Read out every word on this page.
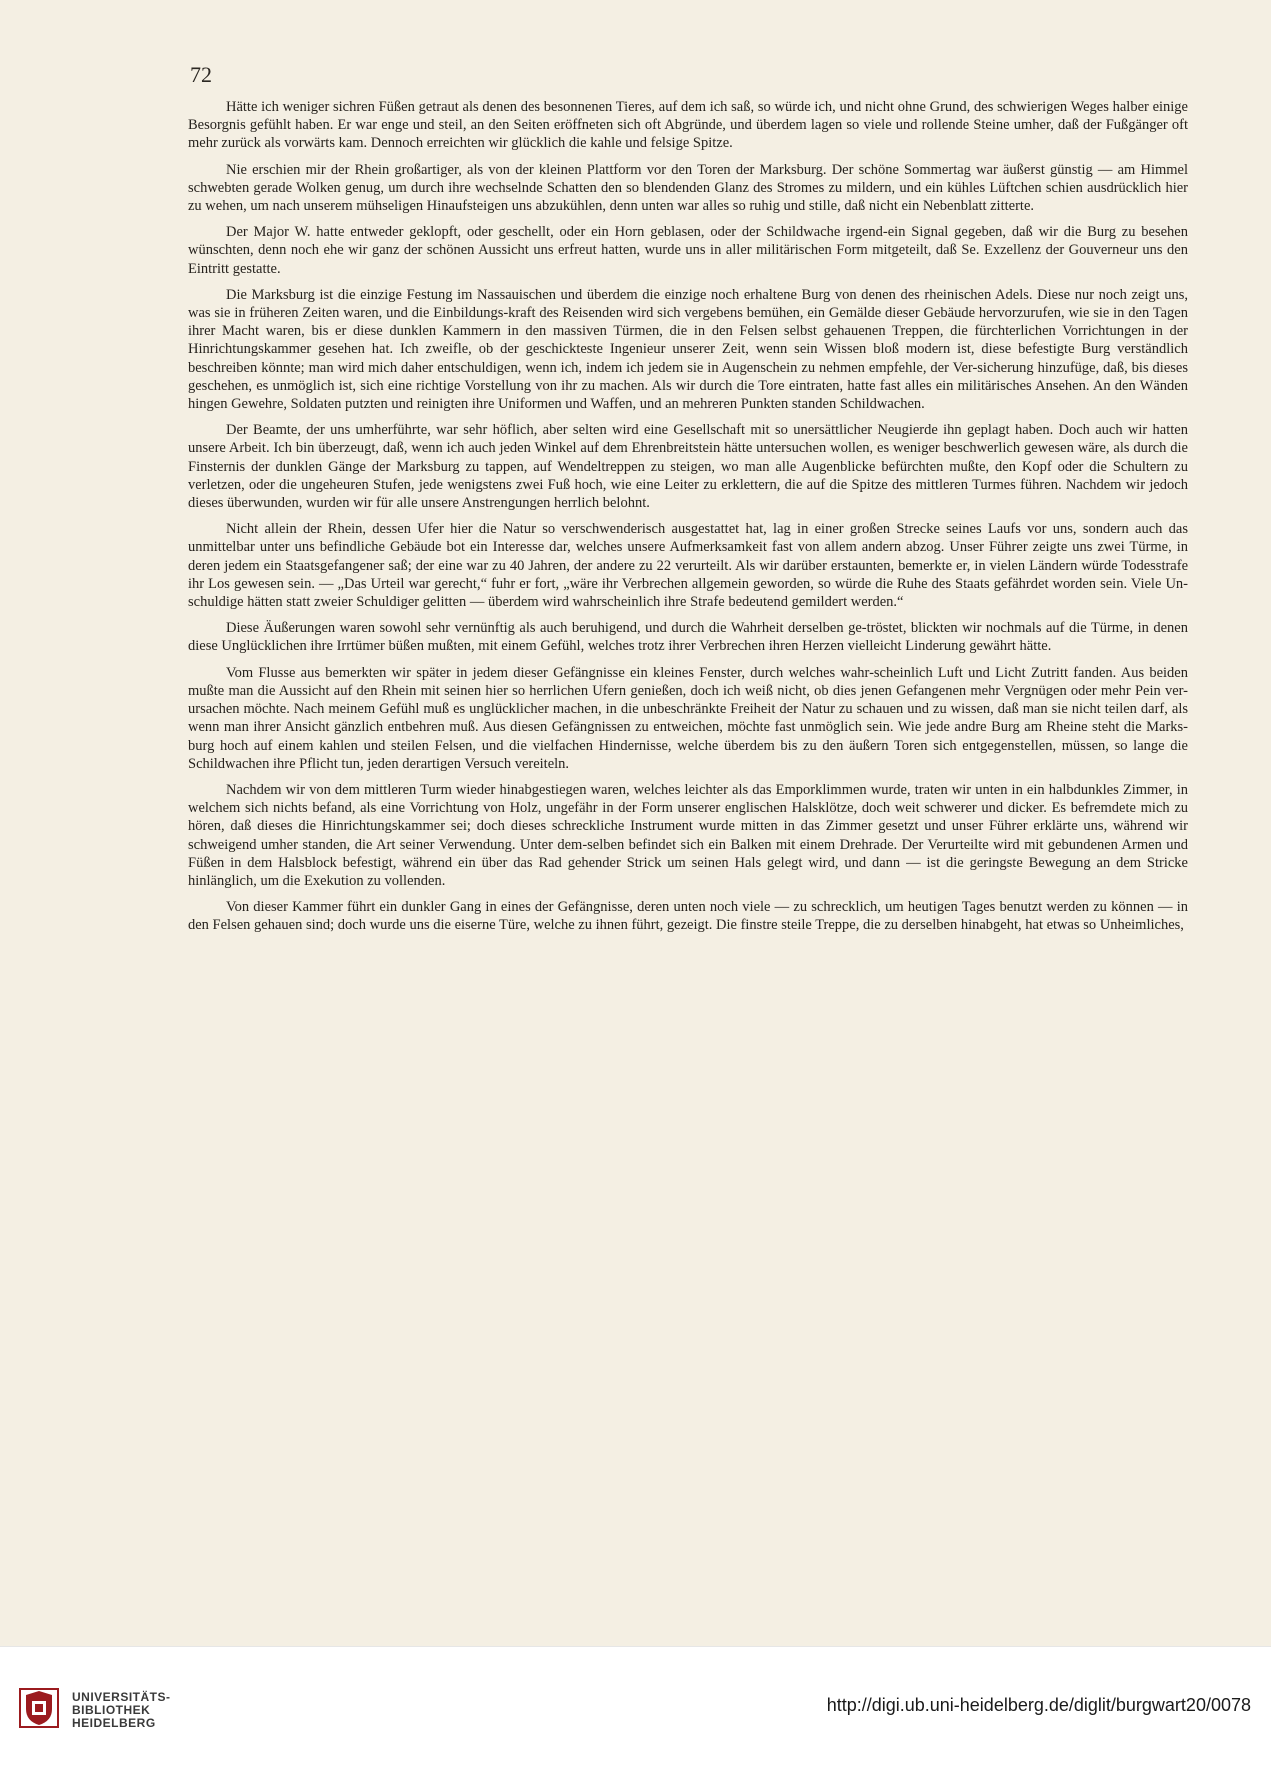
72

Hätte ich weniger sichren Füßen getraut als denen des besonnenen Tieres, auf dem ich saß, so würde ich, und nicht ohne Grund, des schwierigen Weges halber einige Besorgnis gefühlt haben. Er war enge und steil, an den Seiten eröffneten sich oft Abgründe, und überdem lagen so viele und rollende Steine umher, daß der Fußgänger oft mehr zurück als vorwärts kam. Dennoch erreichten wir glücklich die kahle und felsige Spitze.

Nie erschien mir der Rhein großartiger, als von der kleinen Plattform vor den Toren der Marksburg. Der schöne Sommertag war äußerst günstig — am Himmel schwebten gerade Wolken genug, um durch ihre wechselnde Schatten den so blendenden Glanz des Stromes zu mildern, und ein kühles Lüftchen schien ausdrücklich hier zu wehen, um nach unserem mühseligen Hinaufsteigen uns abzukühlen, denn unten war alles so ruhig und stille, daß nicht ein Nebenblatt zitterte.

Der Major W. hatte entweder geklopft, oder geschellt, oder ein Horn geblasen, oder der Schildwache irgend-ein Signal gegeben, daß wir die Burg zu besehen wünschten, denn noch ehe wir ganz der schönen Aussicht uns erfreut hatten, wurde uns in aller militärischen Form mitgeteilt, daß Se. Exzellenz der Gouverneur uns den Eintritt gestatte.

Die Marksburg ist die einzige Festung im Nassauischen und überdem die einzige noch erhaltene Burg von denen des rheinischen Adels. Diese nur noch zeigt uns, was sie in früheren Zeiten waren, und die Einbildungs-kraft des Reisenden wird sich vergebens bemühen, ein Gemälde dieser Gebäude hervorzurufen, wie sie in den Tagen ihrer Macht waren, bis er diese dunklen Kammern in den massiven Türmen, die in den Felsen selbst gehauenen Treppen, die fürchterlichen Vorrichtungen in der Hinrichtungskammer gesehen hat. Ich zweifle, ob der geschickteste Ingenieur unserer Zeit, wenn sein Wissen bloß modern ist, diese befestigte Burg verständlich beschreiben könnte; man wird mich daher entschuldigen, wenn ich, indem ich jedem sie in Augenschein zu nehmen empfehle, der Ver-sicherung hinzufüge, daß, bis dieses geschehen, es unmöglich ist, sich eine richtige Vorstellung von ihr zu machen. Als wir durch die Tore eintraten, hatte fast alles ein militärisches Ansehen. An den Wänden hingen Gewehre, Soldaten putzten und reinigten ihre Uniformen und Waffen, und an mehreren Punkten standen Schildwachen.

Der Beamte, der uns umherführte, war sehr höflich, aber selten wird eine Gesellschaft mit so unersättlicher Neugierde ihn geplagt haben. Doch auch wir hatten unsere Arbeit. Ich bin überzeugt, daß, wenn ich auch jeden Winkel auf dem Ehrenbreitstein hätte untersuchen wollen, es weniger beschwerlich gewesen wäre, als durch die Finsternis der dunklen Gänge der Marksburg zu tappen, auf Wendeltreppen zu steigen, wo man alle Augenblicke befürchten mußte, den Kopf oder die Schultern zu verletzen, oder die ungeheuren Stufen, jede wenigstens zwei Fuß hoch, wie eine Leiter zu erklettern, die auf die Spitze des mittleren Turmes führen. Nachdem wir jedoch dieses überwunden, wurden wir für alle unsere Anstrengungen herrlich belohnt.

Nicht allein der Rhein, dessen Ufer hier die Natur so verschwenderisch ausgestattet hat, lag in einer großen Strecke seines Laufs vor uns, sondern auch das unmittelbar unter uns befindliche Gebäude bot ein Interesse dar, welches unsere Aufmerksamkeit fast von allem andern abzog. Unser Führer zeigte uns zwei Türme, in deren jedem ein Staatsgefangener saß; der eine war zu 40 Jahren, der andere zu 22 verurteilt. Als wir darüber erstaunten, bemerkte er, in vielen Ländern würde Todesstrafe ihr Los gewesen sein. — „Das Urteil war gerecht,“ fuhr er fort, „wäre ihr Verbrechen allgemein geworden, so würde die Ruhe des Staats gefährdet worden sein. Viele Un-schuldige hätten statt zweier Schuldiger gelitten — überdem wird wahrscheinlich ihre Strafe bedeutend gemildert werden.“

Diese Äußerungen waren sowohl sehr vernünftig als auch beruhigend, und durch die Wahrheit derselben ge-tröstet, blickten wir nochmals auf die Türme, in denen diese Unglücklichen ihre Irrtümer büßen mußten, mit einem Gefühl, welches trotz ihrer Verbrechen ihren Herzen vielleicht Linderung gewährt hätte.

Vom Flusse aus bemerkten wir später in jedem dieser Gefängnisse ein kleines Fenster, durch welches wahr-scheinlich Luft und Licht Zutritt fanden. Aus beiden mußte man die Aussicht auf den Rhein mit seinen hier so herrlichen Ufern genießen, doch ich weiß nicht, ob dies jenen Gefangenen mehr Vergnügen oder mehr Pein ver-ursachen möchte. Nach meinem Gefühl muß es unglücklicher machen, in die unbeschränkte Freiheit der Natur zu schauen und zu wissen, daß man sie nicht teilen darf, als wenn man ihrer Ansicht gänzlich entbehren muß. Aus diesen Gefängnissen zu entweichen, möchte fast unmöglich sein. Wie jede andre Burg am Rheine steht die Marks-burg hoch auf einem kahlen und steilen Felsen, und die vielfachen Hindernisse, welche überdem bis zu den äußern Toren sich entgegenstellen, müssen, so lange die Schildwachen ihre Pflicht tun, jeden derartigen Versuch vereiteln.

Nachdem wir von dem mittleren Turm wieder hinabgestiegen waren, welches leichter als das Emporklimmen wurde, traten wir unten in ein halbdunkles Zimmer, in welchem sich nichts befand, als eine Vorrichtung von Holz, ungefähr in der Form unserer englischen Halsklötze, doch weit schwerer und dicker. Es befremdete mich zu hören, daß dieses die Hinrichtungskammer sei; doch dieses schreckliche Instrument wurde mitten in das Zimmer gesetzt und unser Führer erklärte uns, während wir schweigend umher standen, die Art seiner Verwendung. Unter dem-selben befindet sich ein Balken mit einem Drehrade. Der Verurteilte wird mit gebundenen Armen und Füßen in dem Halsblock befestigt, während ein über das Rad gehender Strick um seinen Hals gelegt wird, und dann — ist die geringste Bewegung an dem Stricke hinlänglich, um die Exekution zu vollenden.

Von dieser Kammer führt ein dunkler Gang in eines der Gefängnisse, deren unten noch viele — zu schrecklich, um heutigen Tages benutzt werden zu können — in den Felsen gehauen sind; doch wurde uns die eiserne Türe, welche zu ihnen führt, gezeigt. Die finstre steile Treppe, die zu derselben hinabgeht, hat etwas so Unheimliches,

UNIVERSITÄTS-
BIBLIOTHEK
HEIDELBERG
http://digi.ub.uni-heidelberg.de/diglit/burgwart20/0078
